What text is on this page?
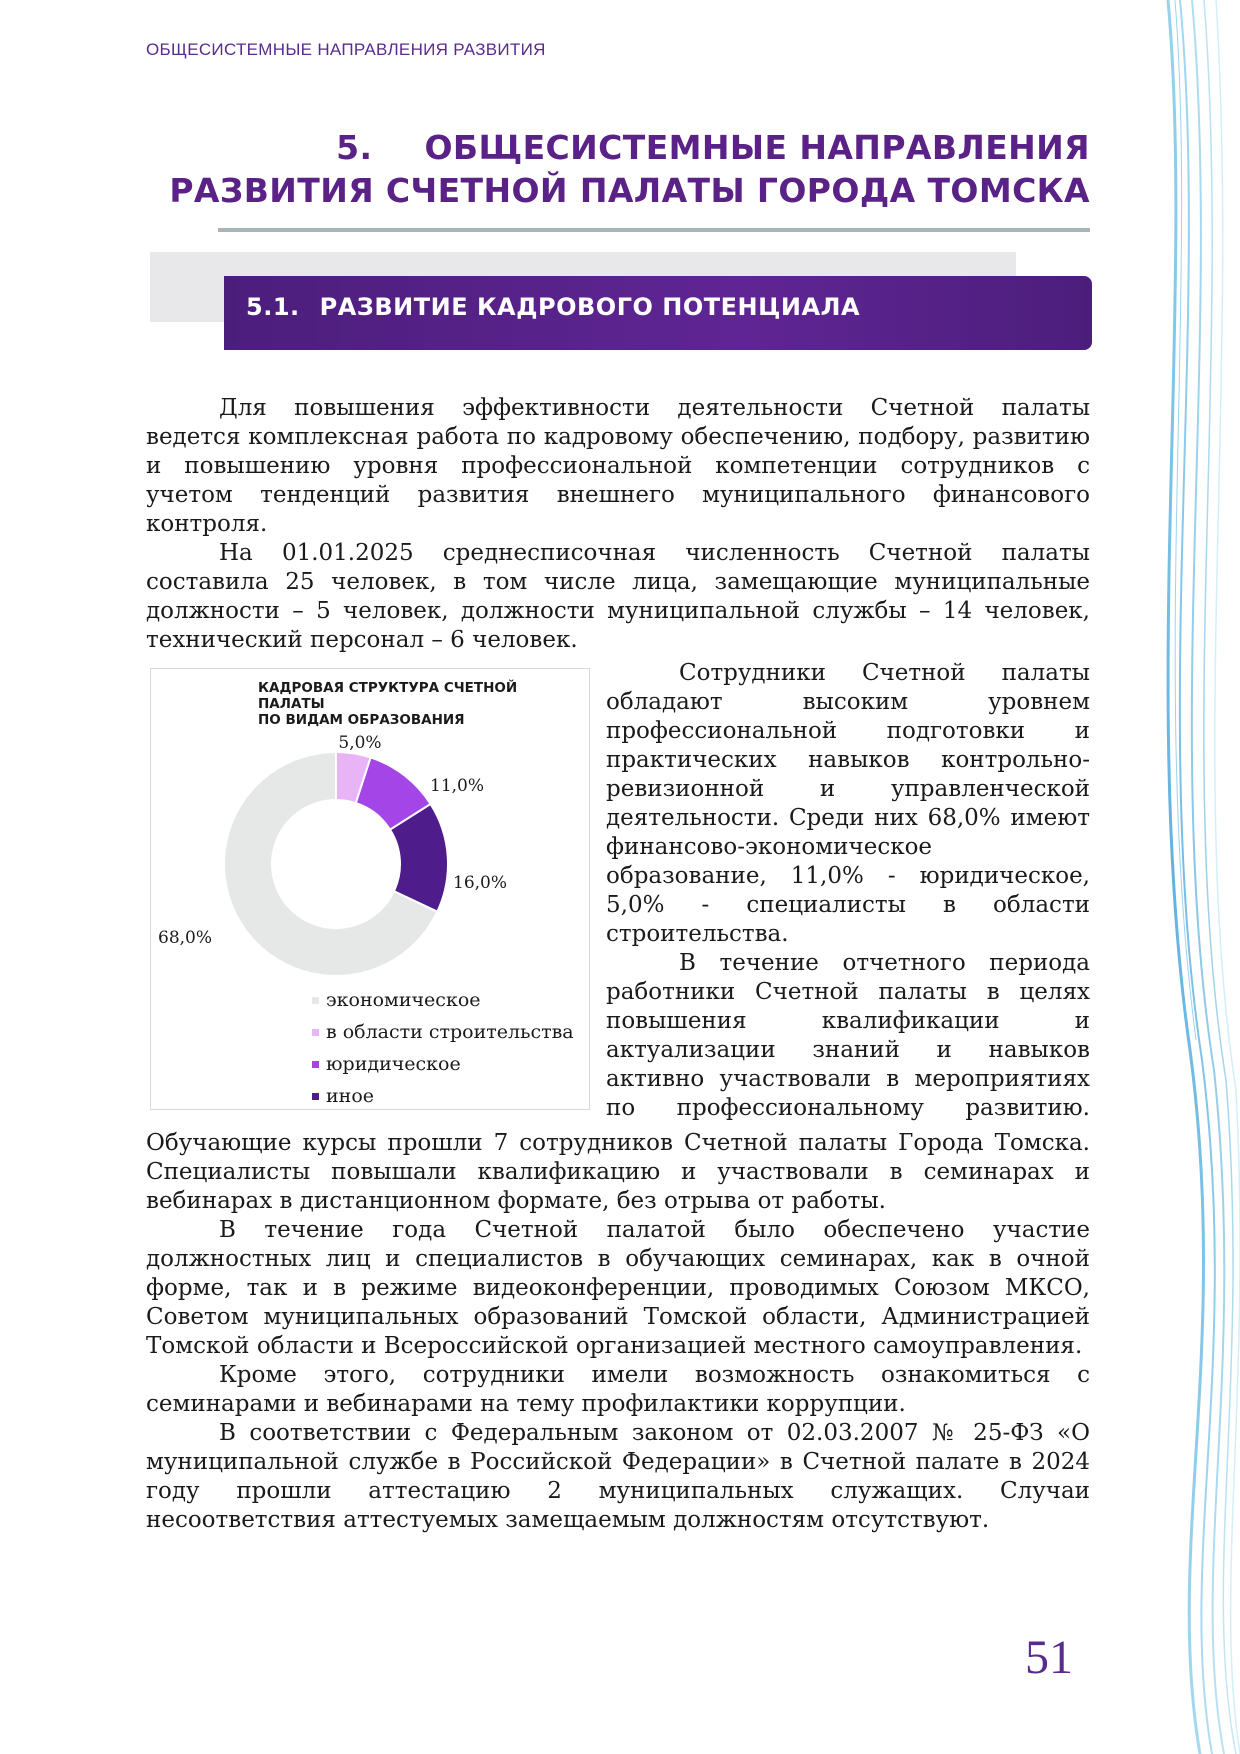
ОБЩЕСИСТЕМНЫЕ НАПРАВЛЕНИЯ РАЗВИТИЯ
5. ОБЩЕСИСТЕМНЫЕ НАПРАВЛЕНИЯ
РАЗВИТИЯ СЧЕТНОЙ ПАЛАТЫ ГОРОДА ТОМСКА
5.1. РАЗВИТИЕ КАДРОВОГО ПОТЕНЦИАЛА

Для повышения эффективности деятельности Счетной палаты ведется комплексная работа по кадровому обеспечению, подбору, развитию и повышению уровня профессиональной компетенции сотрудников с учетом тенденций развития внешнего муниципального финансового контроля.

На 01.01.2025 среднесписочная численность Счетной палаты составила 25 человек, в том числе лица, замещающие муниципальные должности – 5 человек, должности муниципальной службы – 14 человек, технический персонал – 6 человек.

КАДРОВАЯ СТРУКТУРА СЧЕТНОЙ
ПАЛАТЫ
ПО ВИДАМ ОБРАЗОВАНИЯ
5,0%
11,0%
16,0%
68,0%
экономическое
в области строительства
юридическое
иное

Сотрудники Счетной палаты обладают высоким уровнем профессиональной подготовки и практических навыков контрольно-ревизионной и управленческой деятельности. Среди них 68,0% имеют финансово-экономическое образование, 11,0% - юридическое, 5,0% - специалисты в области строительства.

В течение отчетного периода работники Счетной палаты в целях повышения квалификации и актуализации знаний и навыков активно участвовали в мероприятиях по профессиональному развитию.

Обучающие курсы прошли 7 сотрудников Счетной палаты Города Томска. Специалисты повышали квалификацию и участвовали в семинарах и вебинарах в дистанционном формате, без отрыва от работы.

В течение года Счетной палатой было обеспечено участие должностных лиц и специалистов в обучающих семинарах, как в очной форме, так и в режиме видеоконференции, проводимых Союзом МКСО, Советом муниципальных образований Томской области, Администрацией Томской области и Всероссийской организацией местного самоуправления.

Кроме этого, сотрудники имели возможность ознакомиться с семинарами и вебинарами на тему профилактики коррупции.

В соответствии с Федеральным законом от 02.03.2007 № 25-ФЗ «О муниципальной службе в Российской Федерации» в Счетной палате в 2024 году прошли аттестацию 2 муниципальных служащих. Случаи несоответствия аттестуемых замещаемым должностям отсутствуют.

51
